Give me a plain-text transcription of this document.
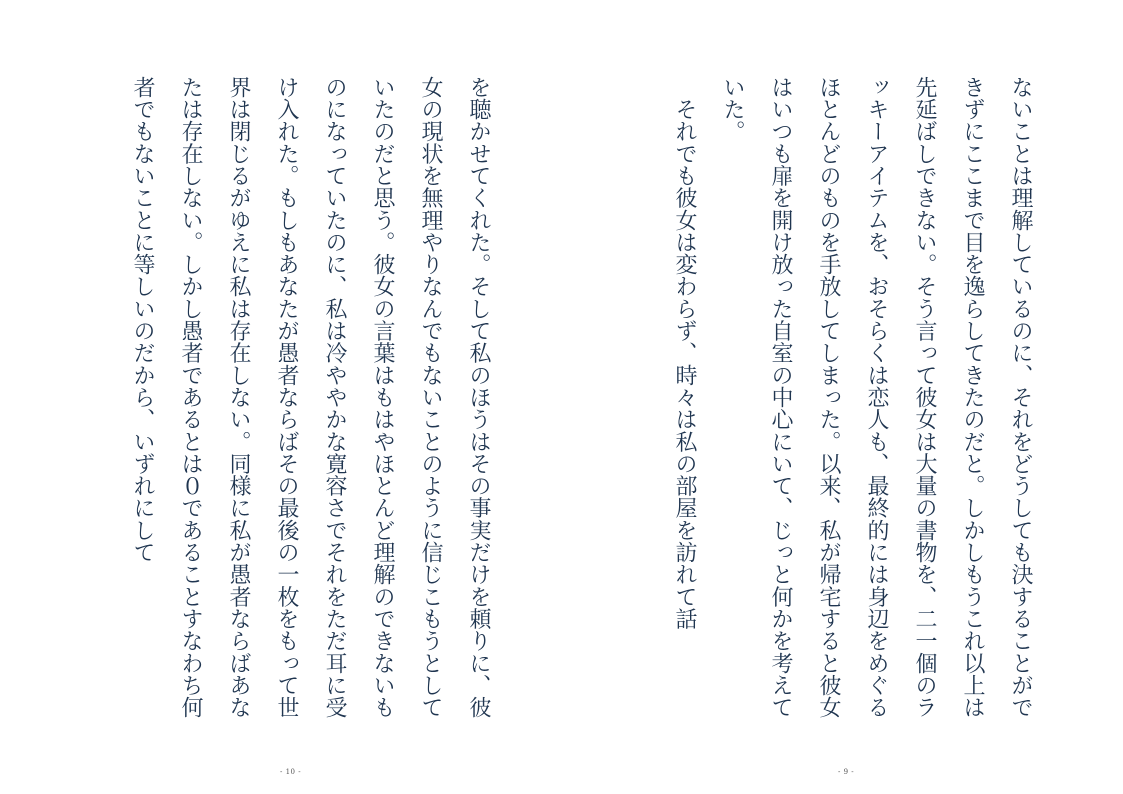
ないことは理解しているのに、それをどうしても決することができずにここまで目を逸らしてきたのだと。しかしもうこれ以上は先延ばしできない。そう言って彼女は大量の書物を、二一個のラッキーアイテムを、おそらくは恋人も、最終的には身辺をめぐるほとんどのものを手放してしまった。以来、私が帰宅すると彼女はいつも扉を開け放った自室の中心にいて、じっと何かを考えていた。

　それでも彼女は変わらず、時々は私の部屋を訪れて話

- 9 -

を聴かせてくれた。そして私のほうはその事実だけを頼りに、彼女の現状を無理やりなんでもないことのように信じこもうとしていたのだと思う。彼女の言葉はもはやほとんど理解のできないものになっていたのに、私は冷ややかな寛容さでそれをただ耳に受け入れた。もしもあなたが愚者ならばその最後の一枚をもって世界は閉じるがゆえに私は存在しない。同様に私が愚者ならばあなたは存在しない。しかし愚者であるとは０であることすなわち何者でもないことに等しいのだから、いずれにして

- 10 -
